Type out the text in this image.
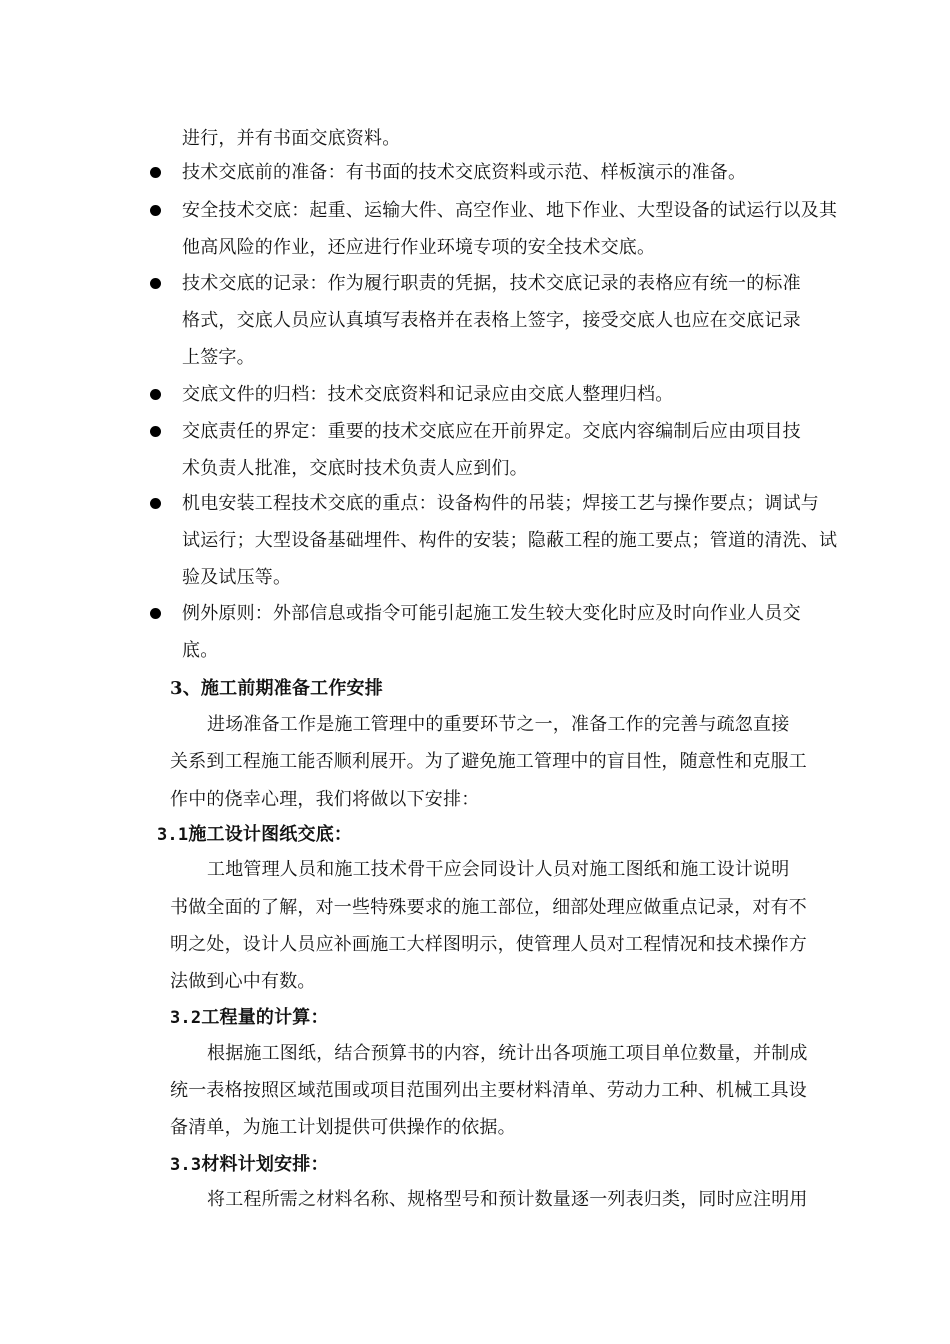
进行，并有书面交底资料。
技术交底前的准备：有书面的技术交底资料或示范、样板演示的准备。
安全技术交底：起重、运输大件、高空作业、地下作业、大型设备的试运行以及其
他高风险的作业，还应进行作业环境专项的安全技术交底。
技术交底的记录：作为履行职责的凭据，技术交底记录的表格应有统一的标准
格式，交底人员应认真填写表格并在表格上签字，接受交底人也应在交底记录
上签字。
交底文件的归档：技术交底资料和记录应由交底人整理归档。
交底责任的界定：重要的技术交底应在开前界定。交底内容编制后应由项目技
术负责人批准，交底时技术负责人应到们。
机电安装工程技术交底的重点：设备构件的吊装；焊接工艺与操作要点；调试与
试运行；大型设备基础埋件、构件的安装；隐蔽工程的施工要点；管道的清洗、试
验及试压等。
例外原则：外部信息或指令可能引起施工发生较大变化时应及时向作业人员交
底。
3、施工前期准备工作安排
进场准备工作是施工管理中的重要环节之一，准备工作的完善与疏忽直接
关系到工程施工能否顺利展开。为了避免施工管理中的盲目性，随意性和克服工
作中的侥幸心理，我们将做以下安排：
3.1施工设计图纸交底：
工地管理人员和施工技术骨干应会同设计人员对施工图纸和施工设计说明
书做全面的了解，对一些特殊要求的施工部位，细部处理应做重点记录，对有不
明之处，设计人员应补画施工大样图明示，使管理人员对工程情况和技术操作方
法做到心中有数。
3.2工程量的计算：
根据施工图纸，结合预算书的内容，统计出各项施工项目单位数量，并制成
统一表格按照区域范围或项目范围列出主要材料清单、劳动力工种、机械工具设
备清单，为施工计划提供可供操作的依据。
3.3材料计划安排：
将工程所需之材料名称、规格型号和预计数量逐一列表归类，同时应注明用
